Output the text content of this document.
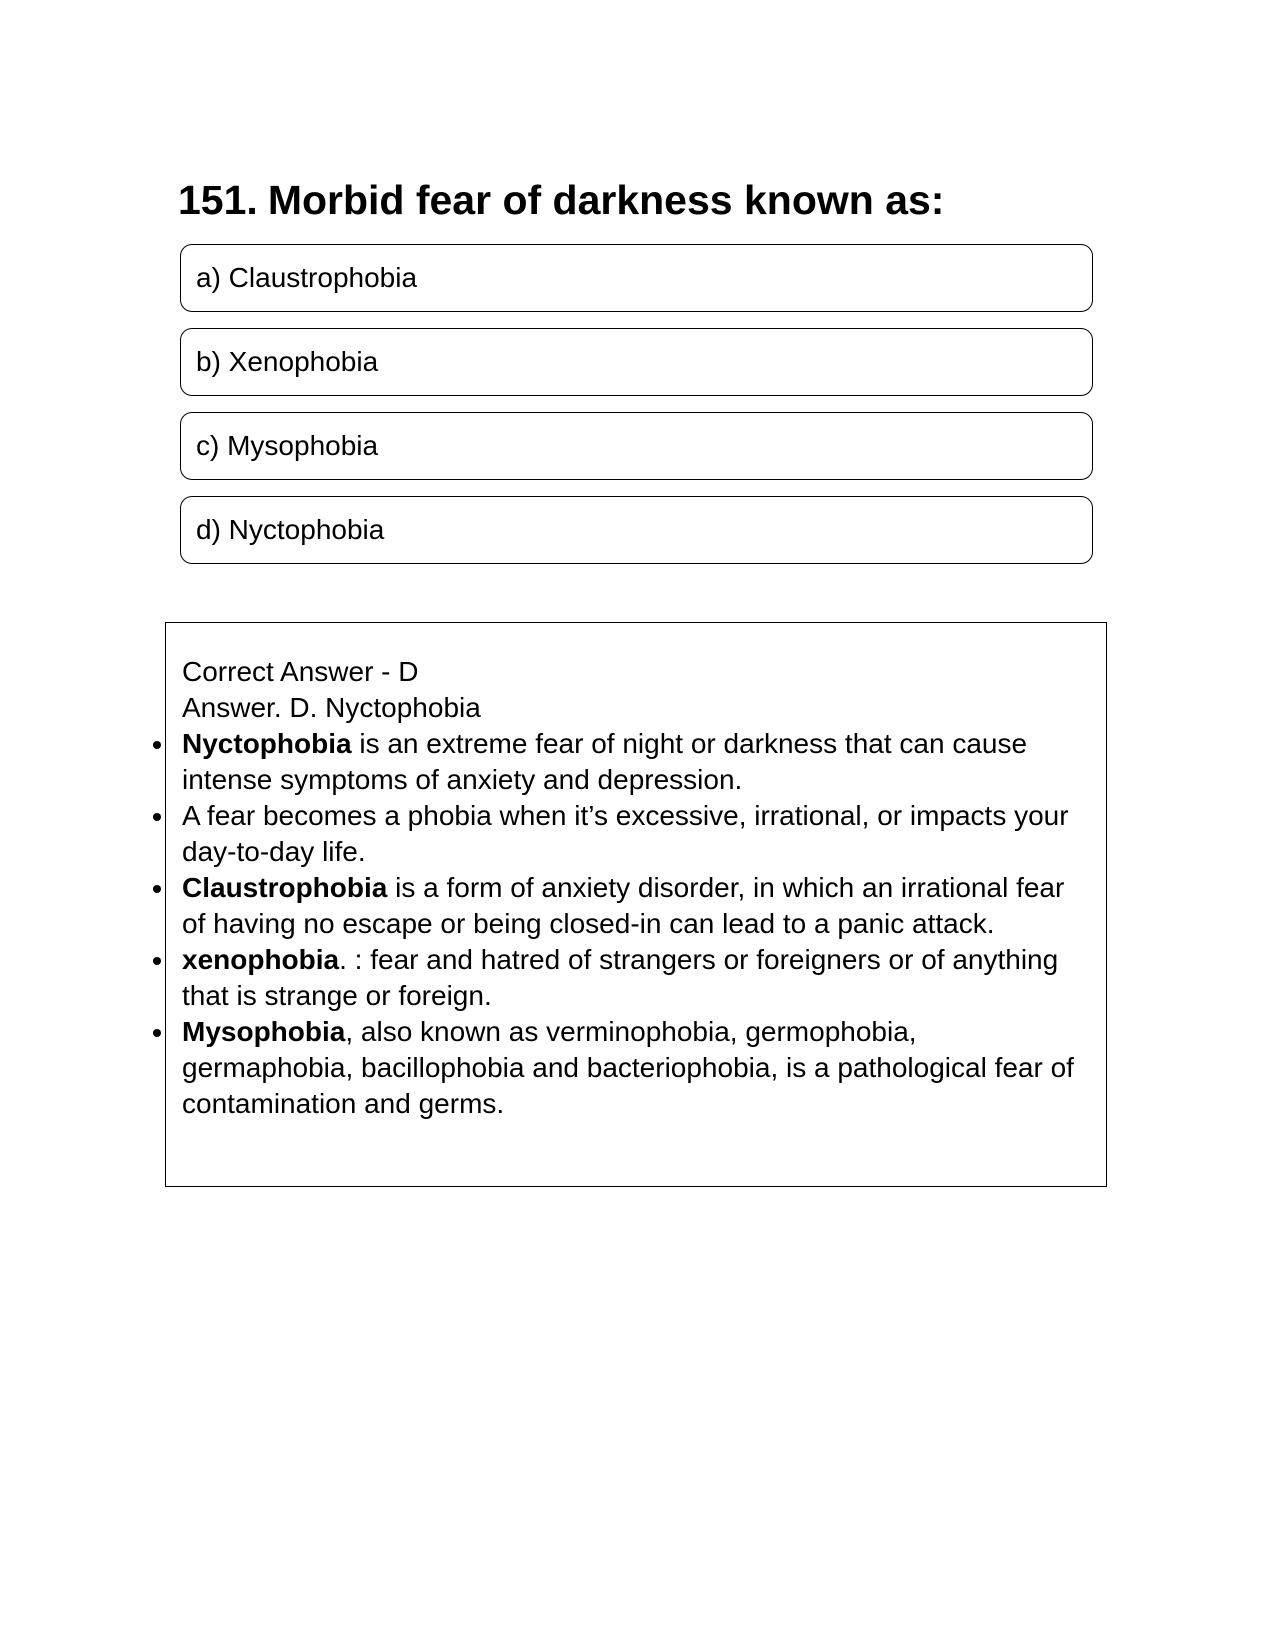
151. Morbid fear of darkness known as:
a) Claustrophobia
b) Xenophobia
c) Mysophobia
d) Nyctophobia

Correct Answer - D

Answer. D. Nyctophobia

Nyctophobia is an extreme fear of night or darkness that can cause intense symptoms of anxiety and depression.
A fear becomes a phobia when it’s excessive, irrational, or impacts your day-to-day life.
Claustrophobia is a form of anxiety disorder, in which an irrational fear of having no escape or being closed-in can lead to a panic attack.
xenophobia. : fear and hatred of strangers or foreigners or of anything that is strange or foreign.
Mysophobia, also known as verminophobia, germophobia, germaphobia, bacillophobia and bacteriophobia, is a pathological fear of contamination and germs.
